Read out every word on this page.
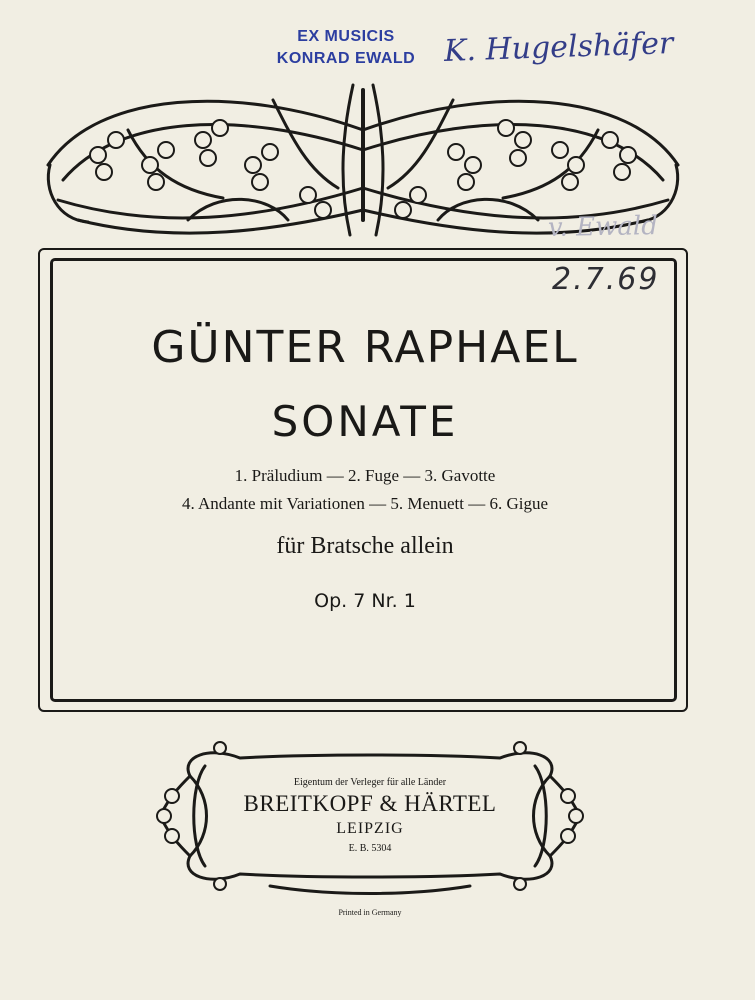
EX MUSICIS
KONRAD EWALD K. Hugelshäfer
v. Ewald
2.7.69
GÜNTER RAPHAEL
SONATE
1. Präludium — 2. Fuge — 3. Gavotte
4. Andante mit Variationen — 5. Menuett — 6. Gigue
für Bratsche allein
Op. 7 Nr. 1
Eigentum der Verleger für alle Länder
BREITKOPF & HÄRTEL
LEIPZIG
E. B. 5304
Printed in Germany
